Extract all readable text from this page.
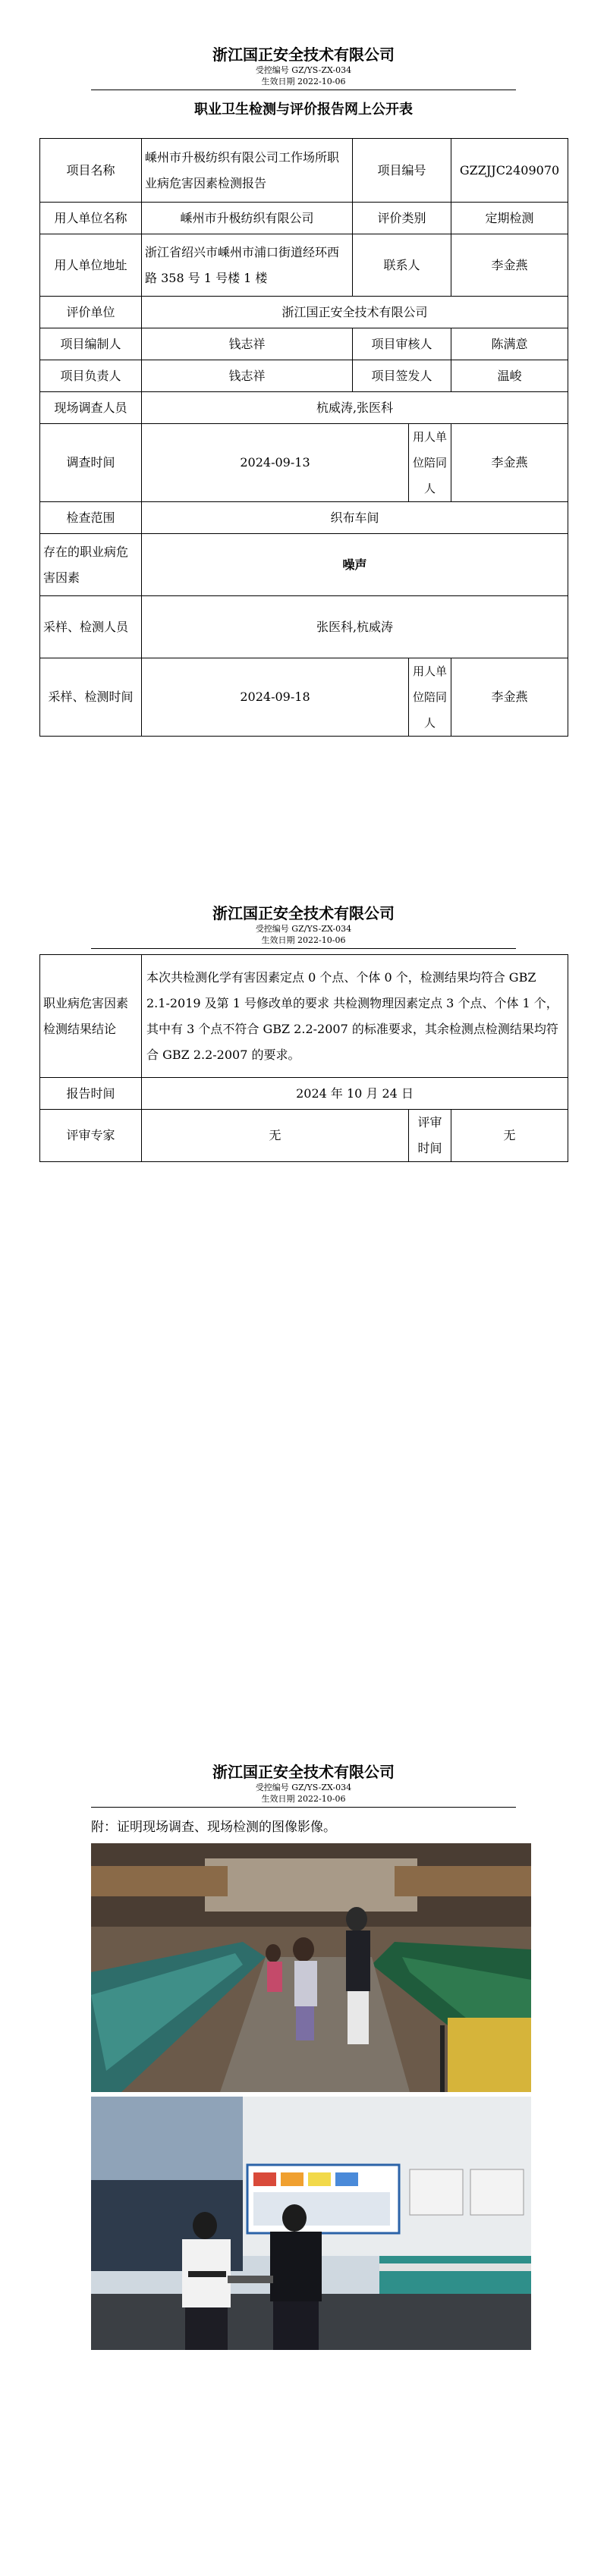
浙江国正安全技术有限公司
受控编号 GZ/YS-ZX-034
生效日期 2022-10-06
职业卫生检测与评价报告网上公开表
项目名称	嵊州市升极纺织有限公司工作场所职业病危害因素检测报告	项目编号		GZZJJC2409070
用人单位名称	嵊州市升极纺织有限公司	评价类别		定期检测
用人单位地址	浙江省绍兴市嵊州市浦口街道经环西路 358 号 1 号楼 1 楼	联系人		李金燕
评价单位	浙江国正安全技术有限公司			
项目编制人	钱志祥	项目审核人		陈满意
项目负责人	钱志祥	项目签发人		温峻
现场调查人员	杭威涛,张医科			
调查时间	2024-09-13		用人单位陪同人	李金燕
检查范围	织布车间			
存在的职业病危害因素	噪声			
采样、检测人员	张医科,杭威涛			
采样、检测时间	2024-09-18		用人单位陪同人	李金燕
浙江国正安全技术有限公司
受控编号 GZ/YS-ZX-034
生效日期 2022-10-06
职业病危害因素检测结果结论	本次共检测化学有害因素定点 0 个点、个体 0 个，检测结果均符合 GBZ 2.1-2019 及第 1 号修改单的要求 共检测物理因素定点 3 个点、个体 1 个，其中有 3 个点不符合 GBZ 2.2-2007 的标准要求，其余检测点检测结果均符合 GBZ 2.2-2007 的要求。		
报告时间	2024 年 10 月 24 日		
评审专家	无	评审时间	无
浙江国正安全技术有限公司
受控编号 GZ/YS-ZX-034
生效日期 2022-10-06
附：证明现场调查、现场检测的图像影像。
